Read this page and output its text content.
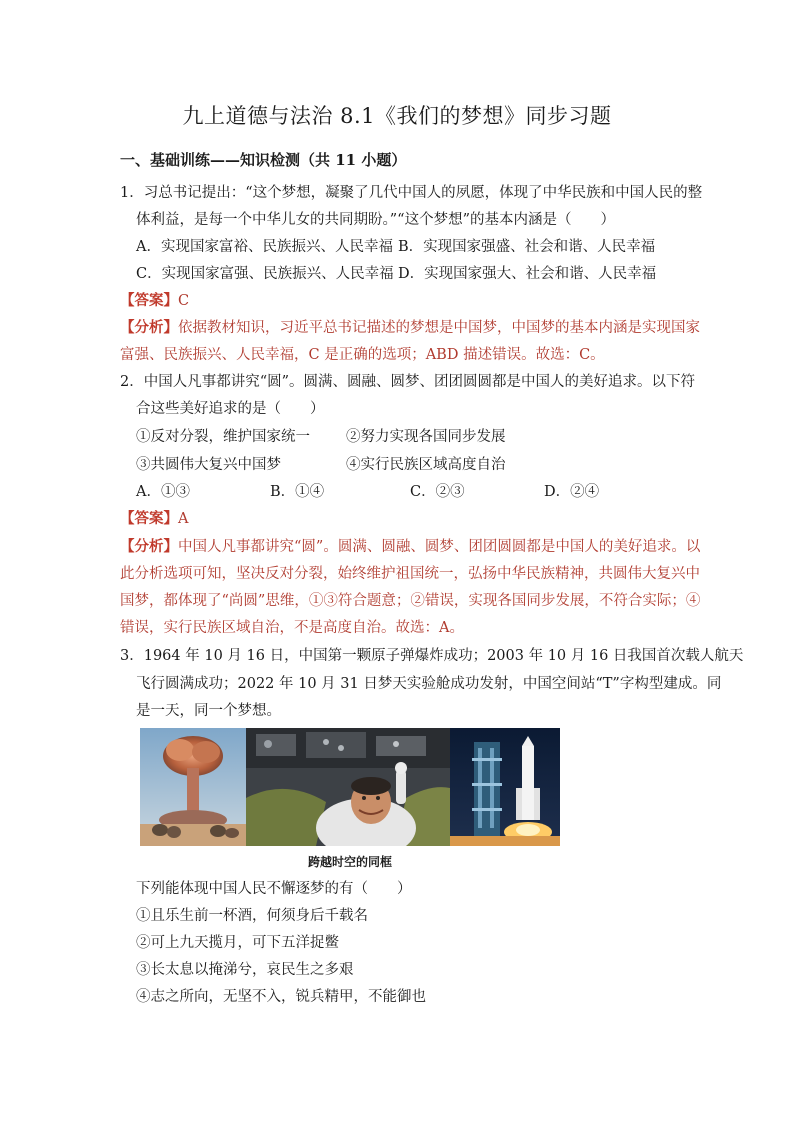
九上道德与法治 8.1《我们的梦想》同步习题
一、基础训练——知识检测（共 11 小题）
1．习总书记提出：“这个梦想，凝聚了几代中国人的夙愿，体现了中华民族和中国人民的整
体利益，是每一个中华儿女的共同期盼。”“这个梦想”的基本内涵是（　　）
A．实现国家富裕、民族振兴、人民幸福 B．实现国家强盛、社会和谐、人民幸福
C．实现国家富强、民族振兴、人民幸福 D．实现国家强大、社会和谐、人民幸福
【答案】C
【分析】依据教材知识，习近平总书记描述的梦想是中国梦，中国梦的基本内涵是实现国家
富强、民族振兴、人民幸福，C 是正确的选项；ABD 描述错误。故选：C。
2．中国人凡事都讲究“圆”。圆满、圆融、圆梦、团团圆圆都是中国人的美好追求。以下符
合这些美好追求的是（　　）
①反对分裂，维护国家统一 ②努力实现各国同步发展
③共圆伟大复兴中国梦	④实行民族区域高度自治
A．①③	B．①④	C．②③	D．②④
【答案】A
【分析】中国人凡事都讲究“圆”。圆满、圆融、圆梦、团团圆圆都是中国人的美好追求。以
此分析选项可知，坚决反对分裂，始终维护祖国统一，弘扬中华民族精神，共圆伟大复兴中
国梦，都体现了“尚圆”思维，①③符合题意；②错误，实现各国同步发展，不符合实际；④
错误，实行民族区域自治，不是高度自治。故选：A。
3．1964 年 10 月 16 日，中国第一颗原子弹爆炸成功；2003 年 10 月 16 日我国首次载人航天
飞行圆满成功；2022 年 10 月 31 日梦天实验舱成功发射，中国空间站“T”字构型建成。同
是一天，同一个梦想。
跨越时空的同框
下列能体现中国人民不懈逐梦的有（　　）
①且乐生前一杯酒，何须身后千载名
②可上九天揽月，可下五洋捉鳖
③长太息以掩涕兮，哀民生之多艰
④志之所向，无坚不入，锐兵精甲，不能御也
